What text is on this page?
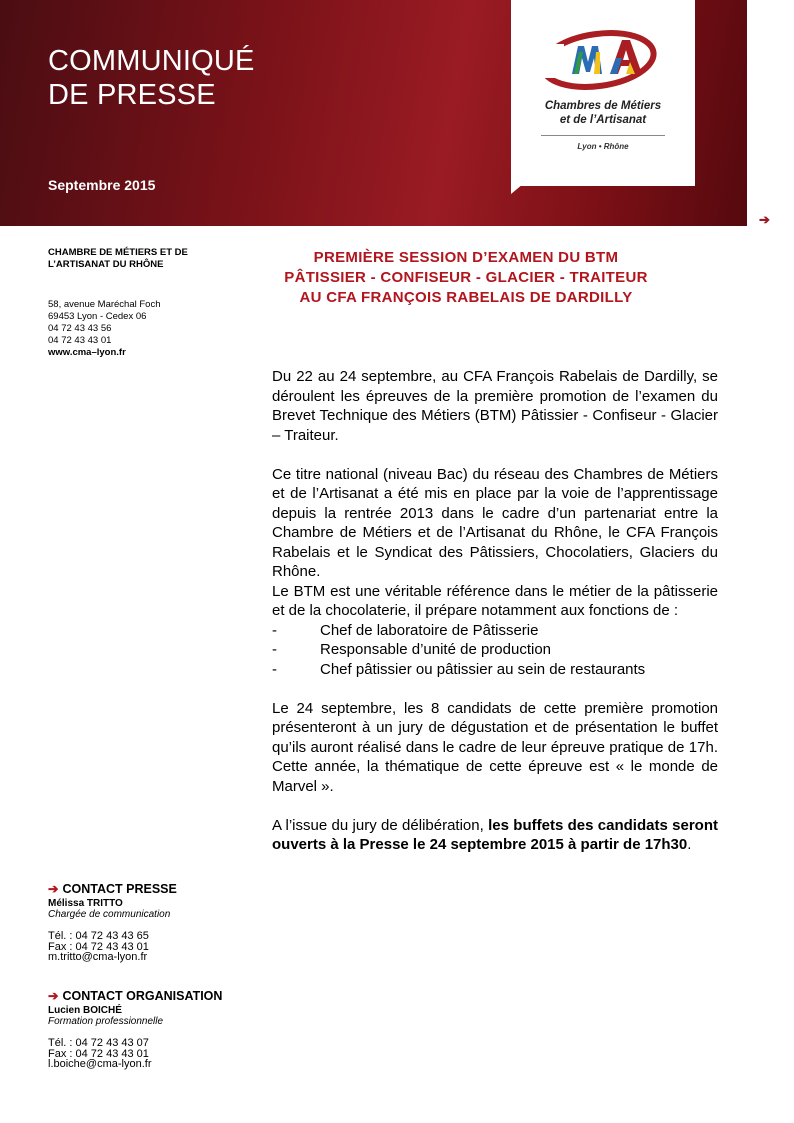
COMMUNIQUÉ
DE PRESSE
Septembre 2015
Chambres de Métiers
et de l’Artisanat
Lyon • Rhône
➔
CHAMBRE DE MÉTIERS ET DE
L’ARTISANAT DU RHÔNE
58, avenue Maréchal Foch
69453 Lyon - Cedex 06
04 72 43 43 56
04 72 43 43 01
www.cma–lyon.fr
➔ CONTACT PRESSE
Mélissa TRITTO
Chargée de communication
Tél. : 04 72 43 43 65
Fax : 04 72 43 43 01
m.tritto@cma-lyon.fr
➔ CONTACT ORGANISATION
Lucien BOICHÉ
Formation professionnelle
Tél. : 04 72 43 43 07
Fax : 04 72 43 43 01
l.boiche@cma-lyon.fr
PREMIÈRE SESSION D’EXAMEN DU BTM
PÂTISSIER - CONFISEUR - GLACIER - TRAITEUR
AU CFA FRANÇOIS RABELAIS DE DARDILLY

Du 22 au 24 septembre, au CFA François Rabelais de Dardilly, se déroulent les épreuves de la première promotion de l’examen du Brevet Technique des Métiers (BTM) Pâtissier - Confiseur - Glacier – Traiteur.

Ce titre national (niveau Bac) du réseau des Chambres de Métiers et de l’Artisanat a été mis en place par la voie de l’apprentissage depuis la rentrée 2013 dans le cadre d’un partenariat entre la Chambre de Métiers et de l’Artisanat du Rhône, le CFA François Rabelais et le Syndicat des Pâtissiers, Chocolatiers, Glaciers du Rhône.

Le BTM est une véritable référence dans le métier de la pâtisserie et de la chocolaterie, il prépare notamment aux fonctions de :

-	Chef de laboratoire de Pâtisserie
-	Responsable d’unité de production
-	Chef pâtissier ou pâtissier au sein de restaurants

Le 24 septembre, les 8 candidats de cette première promotion présenteront à un jury de dégustation et de présentation le buffet qu’ils auront réalisé dans le cadre de leur épreuve pratique de 17h. Cette année, la thématique de cette épreuve est « le monde de Marvel ».

A l’issue du jury de délibération, les buffets des candidats seront ouverts à la Presse le 24 septembre 2015 à partir de 17h30.
